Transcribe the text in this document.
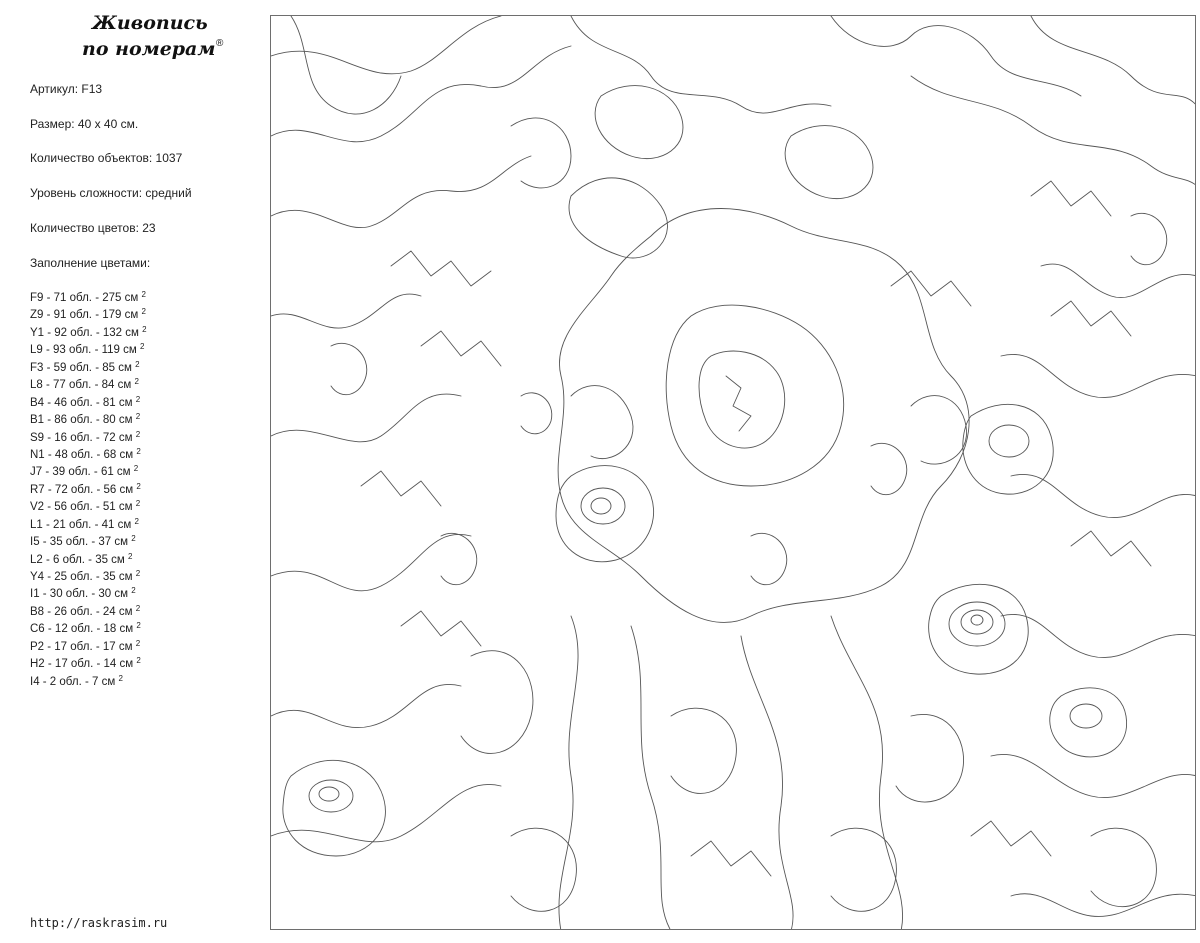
Живопись
по номерам ®
Артикул: F13
Размер: 40 х 40 см.
Количество объектов: 1037
Уровень сложности: средний
Количество цветов: 23
Заполнение цветами:
F9 - 71 обл. - 275 см $^2$
Z9 - 91 обл. - 179 см $^2$
Y1 - 92 обл. - 132 см $^2$
L9 - 93 обл. - 119 см $^2$
F3 - 59 обл. - 85 см $^2$
L8 - 77 обл. - 84 см $^2$
B4 - 46 обл. - 81 см $^2$
B1 - 86 обл. - 80 см $^2$
S9 - 16 обл. - 72 см $^2$
N1 - 48 обл. - 68 см $^2$
J7 - 39 обл. - 61 см $^2$
R7 - 72 обл. - 56 см $^2$
V2 - 56 обл. - 51 см $^2$
L1 - 21 обл. - 41 см $^2$
I5 - 35 обл. - 37 см $^2$
L2 - 6 обл. - 35 см $^2$
Y4 - 25 обл. - 35 см $^2$
I1 - 30 обл. - 30 см $^2$
B8 - 26 обл. - 24 см $^2$
C6 - 12 обл. - 18 см $^2$
P2 - 17 обл. - 17 см $^2$
H2 - 17 обл. - 14 см $^2$
I4 - 2 обл. - 7 см $^2$
http://raskrasim.ru
